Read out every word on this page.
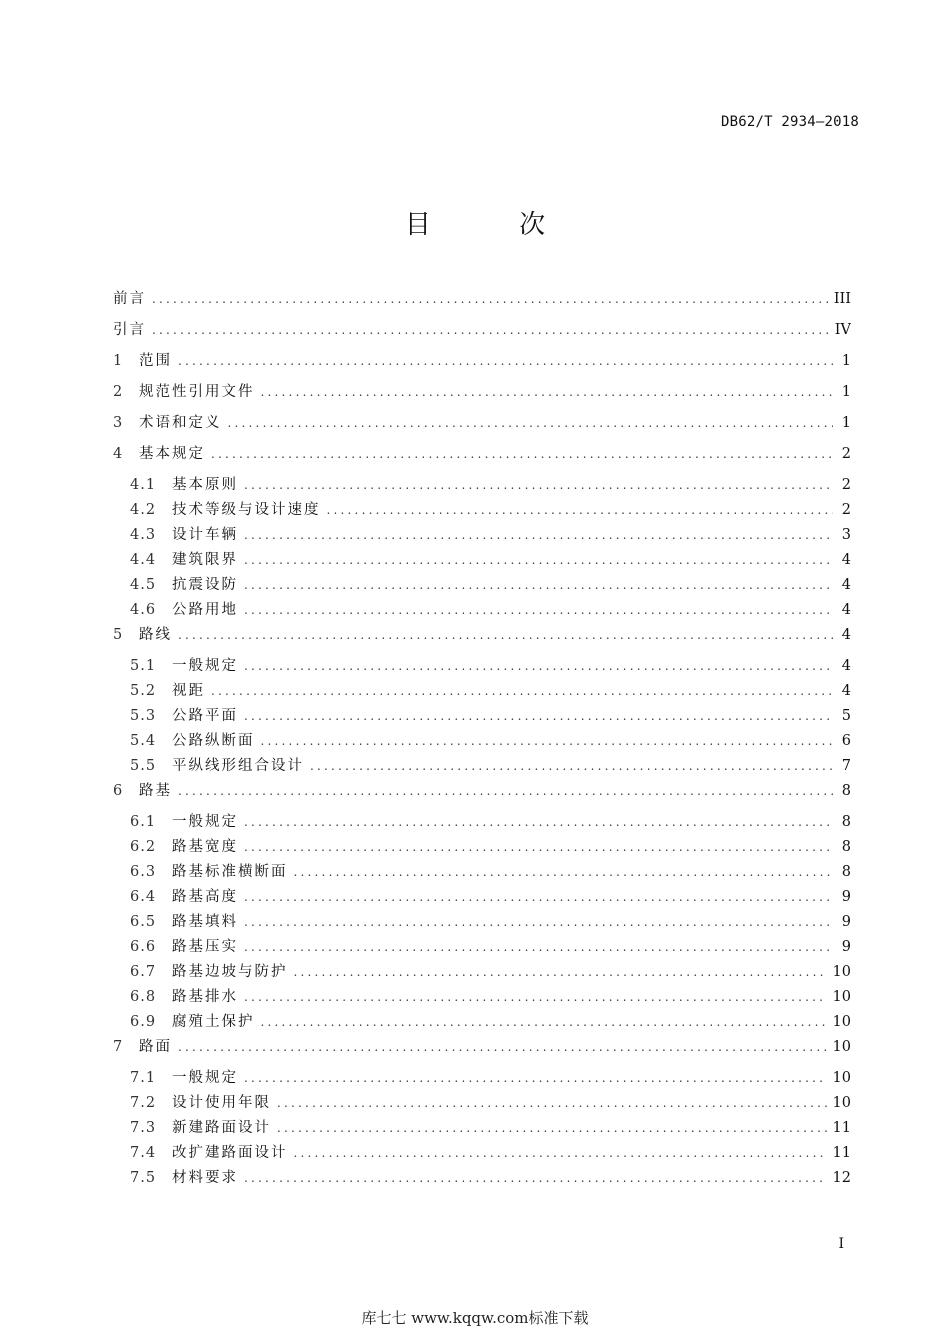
DB62/T 2934—2018
目 次
前言 .....	III
引言 .....	IV
1	范围 .....	1
2	规范性引用文件 .....	1
3	术语和定义 .....	1
4	基本规定 .....	2
4.1	基本原则 .....	2
4.2	技术等级与设计速度 .....	2
4.3	设计车辆 .....	3
4.4	建筑限界 .....	4
4.5	抗震设防 .....	4
4.6	公路用地 .....	4
5	路线 .....	4
5.1	一般规定 .....	4
5.2	视距 .....	4
5.3	公路平面 .....	5
5.4	公路纵断面 .....	6
5.5	平纵线形组合设计 .....	7
6	路基 .....	8
6.1	一般规定 .....	8
6.2	路基宽度 .....	8
6.3	路基标准横断面 .....	8
6.4	路基高度 .....	9
6.5	路基填料 .....	9
6.6	路基压实 .....	9
6.7	路基边坡与防护 .....	10
6.8	路基排水 .....	10
6.9	腐殖土保护 .....	10
7	路面 .....	10
7.1	一般规定 .....	10
7.2	设计使用年限 .....	10
7.3	新建路面设计 .....	11
7.4	改扩建路面设计 .....	11
7.5	材料要求 .....	12
I
库七七 www.kqqw.com标准下载
